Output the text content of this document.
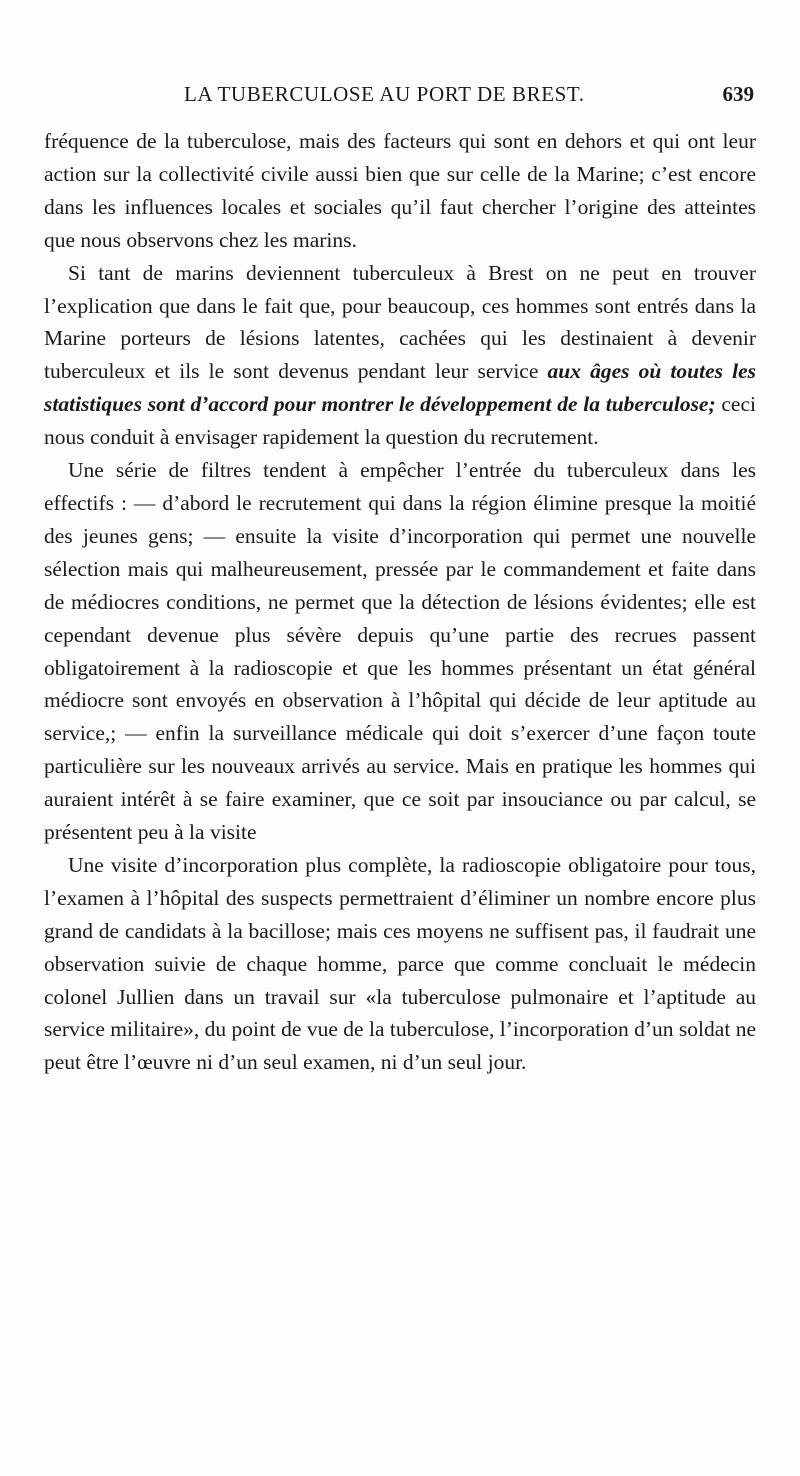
LA TUBERCULOSE AU PORT DE BREST.	639

fréquence de la tuberculose, mais des facteurs qui sont en dehors et qui ont leur action sur la collectivité civile aussi bien que sur celle de la Marine; c’est encore dans les influences locales et sociales qu’il faut chercher l’origine des atteintes que nous observons chez les marins.

Si tant de marins deviennent tuberculeux à Brest on ne peut en trouver l’explication que dans le fait que, pour beaucoup, ces hommes sont entrés dans la Marine porteurs de lésions latentes, cachées qui les destinaient à devenir tuberculeux et ils le sont devenus pendant leur service aux âges où toutes les statistiques sont d’accord pour montrer le développement de la tuberculose; ceci nous conduit à envisager rapidement la question du recrutement.

Une série de filtres tendent à empêcher l’entrée du tuberculeux dans les effectifs : — d’abord le recrutement qui dans la région élimine presque la moitié des jeunes gens; — ensuite la visite d’incorporation qui permet une nouvelle sélection mais qui malheureusement, pressée par le commandement et faite dans de médiocres conditions, ne permet que la détection de lésions évidentes; elle est cependant devenue plus sévère depuis qu’une partie des recrues passent obligatoirement à la radioscopie et que les hommes présentant un état général médiocre sont envoyés en observation à l’hôpital qui décide de leur aptitude au service,; — enfin la surveillance médicale qui doit s’exercer d’une façon toute particulière sur les nouveaux arrivés au service. Mais en pratique les hommes qui auraient intérêt à se faire examiner, que ce soit par insouciance ou par calcul, se présentent peu à la visite

Une visite d’incorporation plus complète, la radioscopie obligatoire pour tous, l’examen à l’hôpital des suspects permettraient d’éliminer un nombre encore plus grand de candidats à la bacillose; mais ces moyens ne suffisent pas, il faudrait une observation suivie de chaque homme, parce que comme concluait le médecin colonel Jullien dans un travail sur «la tuberculose pulmonaire et l’aptitude au service militaire», du point de vue de la tuberculose, l’incorporation d’un soldat ne peut être l’œuvre ni d’un seul examen, ni d’un seul jour.
